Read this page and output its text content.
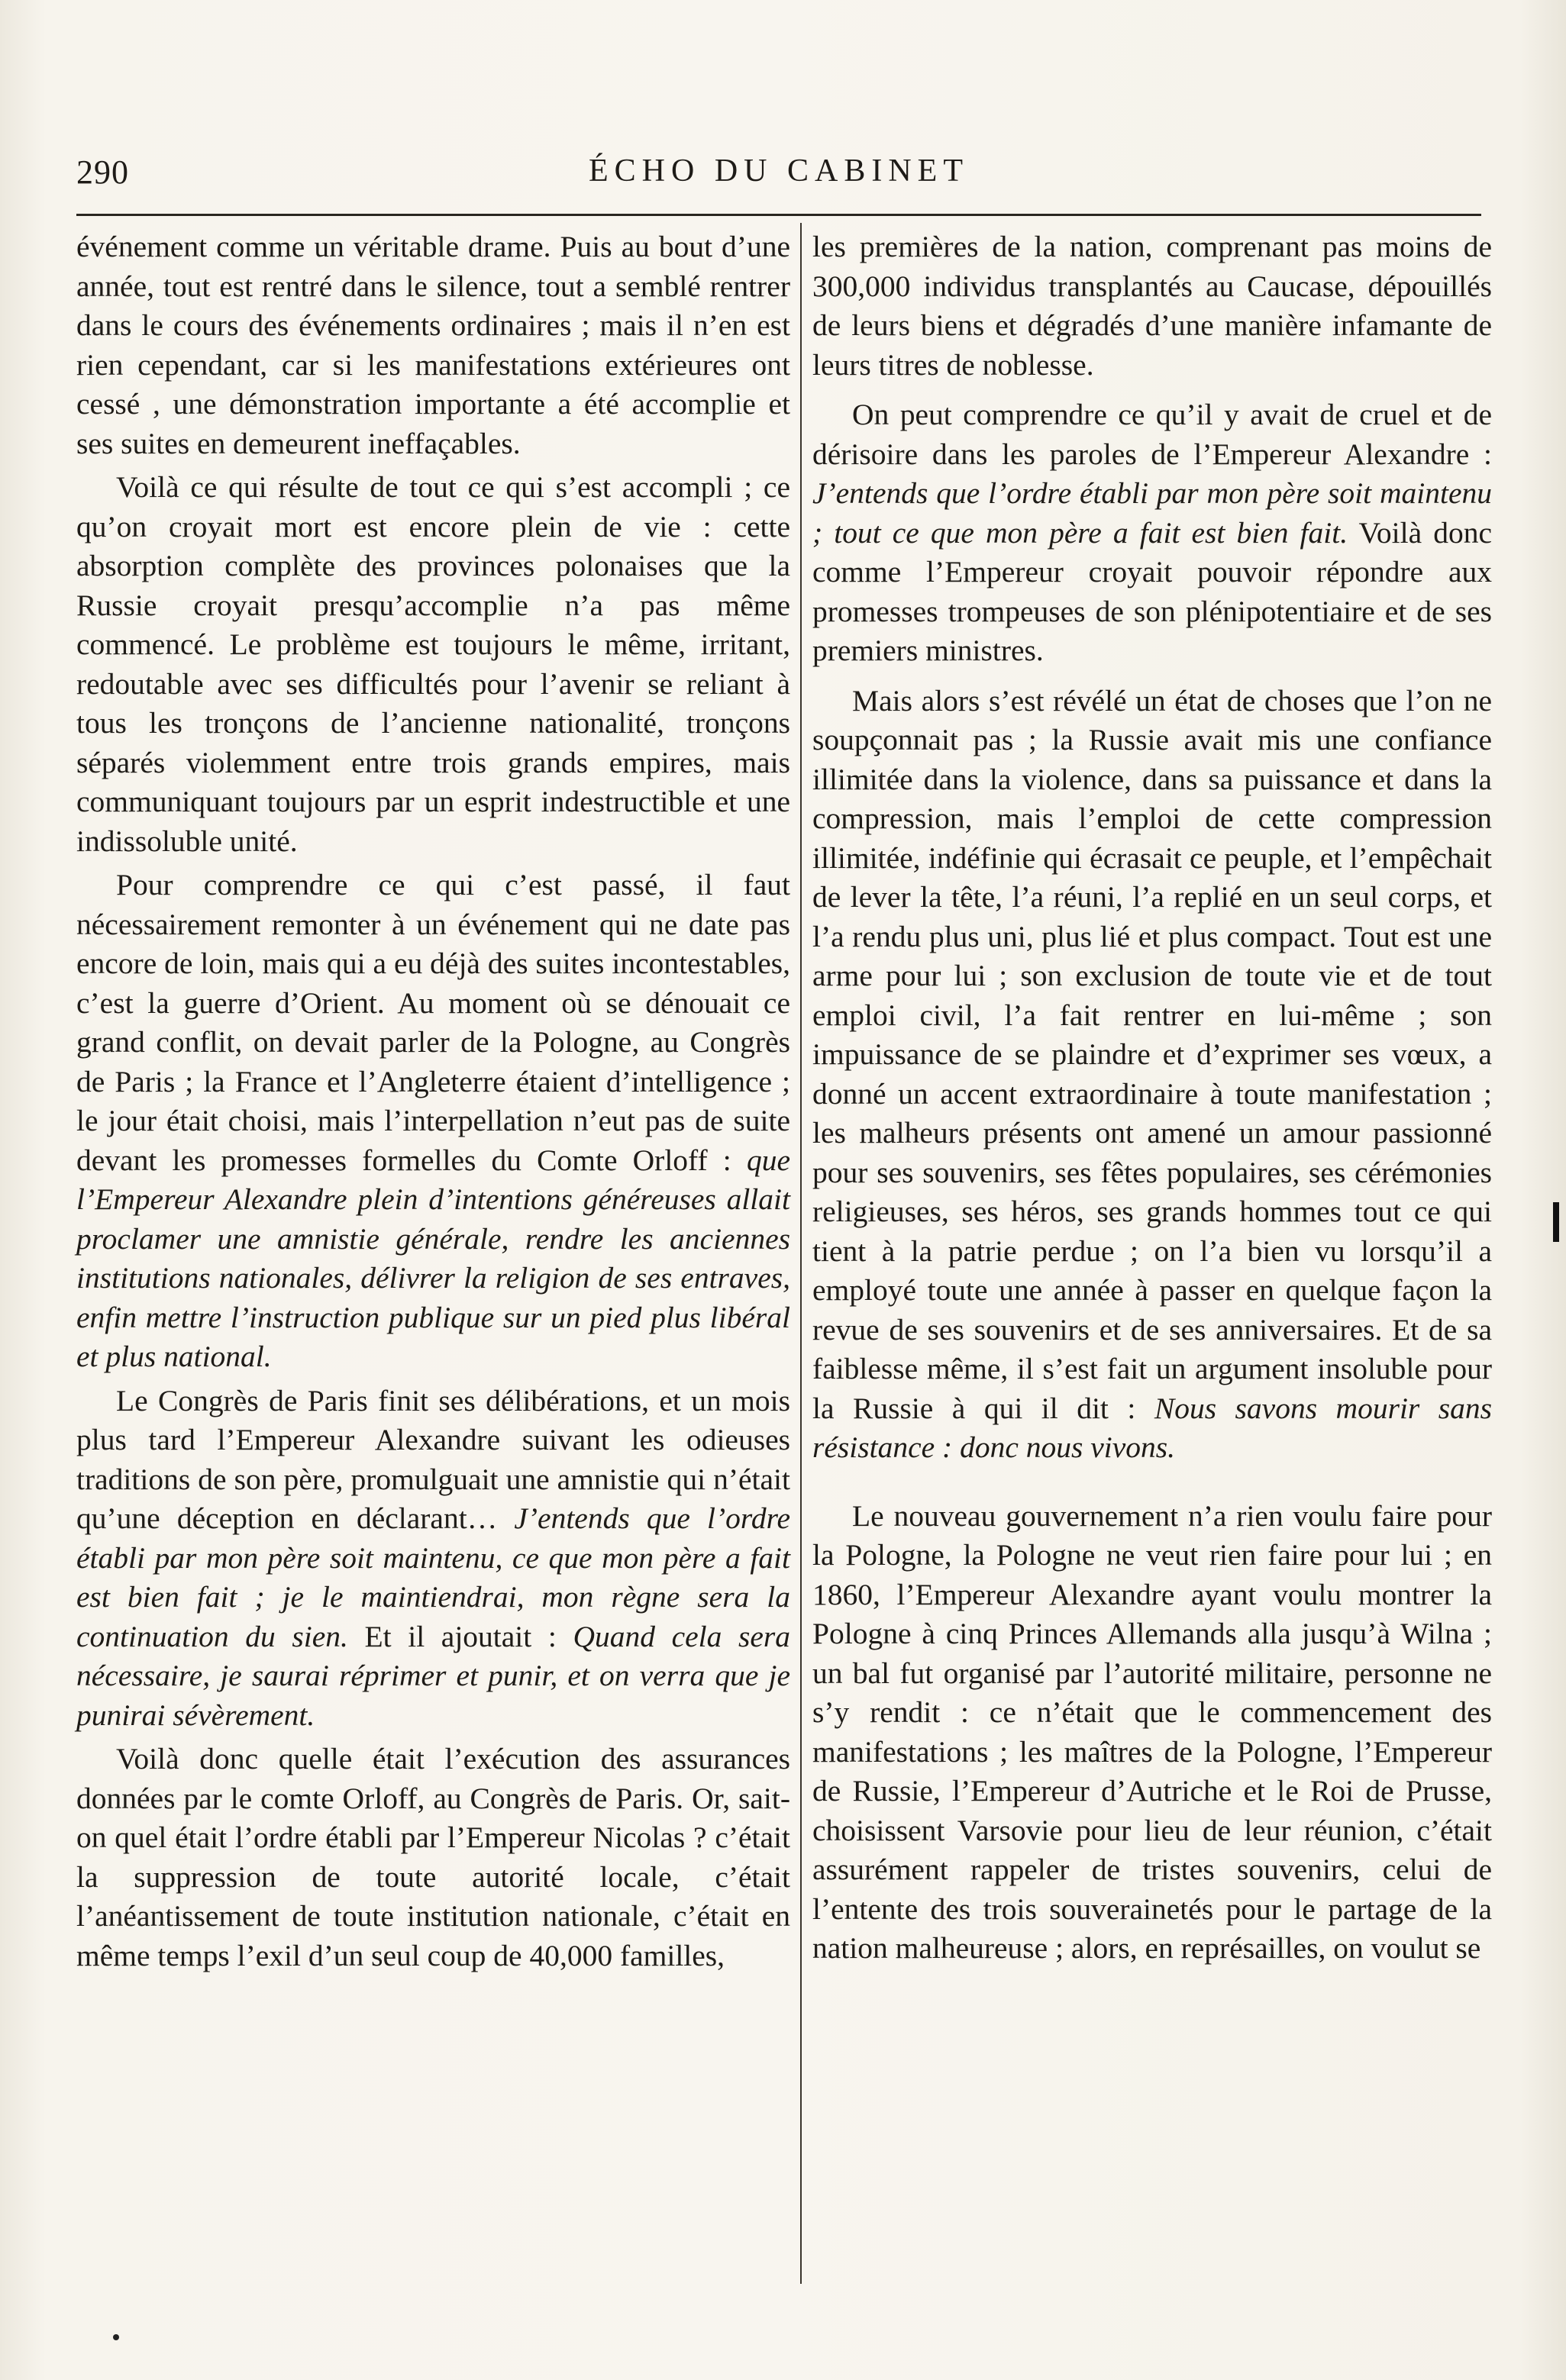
290	ÉCHO DU CABINET

événement comme un véritable drame. Puis au bout d’une année, tout est rentré dans le silence, tout a semblé rentrer dans le cours des événements ordinaires ; mais il n’en est rien cependant, car si les manifestations extérieures ont cessé , une démonstration importante a été accomplie et ses suites en demeurent ineffaçables.

Voilà ce qui résulte de tout ce qui s’est accompli ; ce qu’on croyait mort est encore plein de vie : cette absorption complète des provinces polonaises que la Russie croyait presqu’accomplie n’a pas même commencé. Le problème est toujours le même, irritant, redoutable avec ses difficultés pour l’avenir se reliant à tous les tronçons de l’ancienne nationalité, tronçons séparés violemment entre trois grands empires, mais communiquant toujours par un esprit indestructible et une indissoluble unité.

Pour comprendre ce qui c’est passé, il faut nécessairement remonter à un événement qui ne date pas encore de loin, mais qui a eu déjà des suites incontestables, c’est la guerre d’Orient. Au moment où se dénouait ce grand conflit, on devait parler de la Pologne, au Congrès de Paris ; la France et l’Angleterre étaient d’intelligence ; le jour était choisi, mais l’interpellation n’eut pas de suite devant les promesses formelles du Comte Orloff : que l’Empereur Alexandre plein d’intentions généreuses allait proclamer une amnistie générale, rendre les anciennes institutions nationales, délivrer la religion de ses entraves, enfin mettre l’instruction publique sur un pied plus libéral et plus national.

Le Congrès de Paris finit ses délibérations, et un mois plus tard l’Empereur Alexandre suivant les odieuses traditions de son père, promulguait une amnistie qui n’était qu’une déception en déclarant… J’entends que l’ordre établi par mon père soit maintenu, ce que mon père a fait est bien fait ; je le maintiendrai, mon règne sera la continuation du sien. Et il ajoutait : Quand cela sera nécessaire, je saurai réprimer et punir, et on verra que je punirai sévèrement.

Voilà donc quelle était l’exécution des assurances données par le comte Orloff, au Congrès de Paris. Or, sait-on quel était l’ordre établi par l’Empereur Nicolas ? c’était la suppression de toute autorité locale, c’était l’anéantissement de toute institution nationale, c’était en même temps l’exil d’un seul coup de 40,000 familles,

les premières de la nation, comprenant pas moins de 300,000 individus transplantés au Caucase, dépouillés de leurs biens et dégradés d’une manière infamante de leurs titres de noblesse.

On peut comprendre ce qu’il y avait de cruel et de dérisoire dans les paroles de l’Empereur Alexandre : J’entends que l’ordre établi par mon père soit maintenu ; tout ce que mon père a fait est bien fait. Voilà donc comme l’Empereur croyait pouvoir répondre aux promesses trompeuses de son plénipotentiaire et de ses premiers ministres.

Mais alors s’est révélé un état de choses que l’on ne soupçonnait pas ; la Russie avait mis une confiance illimitée dans la violence, dans sa puissance et dans la compression, mais l’emploi de cette compression illimitée, indéfinie qui écrasait ce peuple, et l’empêchait de lever la tête, l’a réuni, l’a replié en un seul corps, et l’a rendu plus uni, plus lié et plus compact. Tout est une arme pour lui ; son exclusion de toute vie et de tout emploi civil, l’a fait rentrer en lui-même ; son impuissance de se plaindre et d’exprimer ses vœux, a donné un accent extraordinaire à toute manifestation ; les malheurs présents ont amené un amour passionné pour ses souvenirs, ses fêtes populaires, ses cérémonies religieuses, ses héros, ses grands hommes tout ce qui tient à la patrie perdue ; on l’a bien vu lorsqu’il a employé toute une année à passer en quelque façon la revue de ses souvenirs et de ses anniversaires. Et de sa faiblesse même, il s’est fait un argument insoluble pour la Russie à qui il dit : Nous savons mourir sans résistance : donc nous vivons.

Le nouveau gouvernement n’a rien voulu faire pour la Pologne, la Pologne ne veut rien faire pour lui ; en 1860, l’Empereur Alexandre ayant voulu montrer la Pologne à cinq Princes Allemands alla jusqu’à Wilna ; un bal fut organisé par l’autorité militaire, personne ne s’y rendit : ce n’était que le commencement des manifestations ; les maîtres de la Pologne, l’Empereur de Russie, l’Empereur d’Autriche et le Roi de Prusse, choisissent Varsovie pour lieu de leur réunion, c’était assurément rappeler de tristes souvenirs, celui de l’entente des trois souverainetés pour le partage de la nation malheureuse ; alors, en représailles, on voulut se
